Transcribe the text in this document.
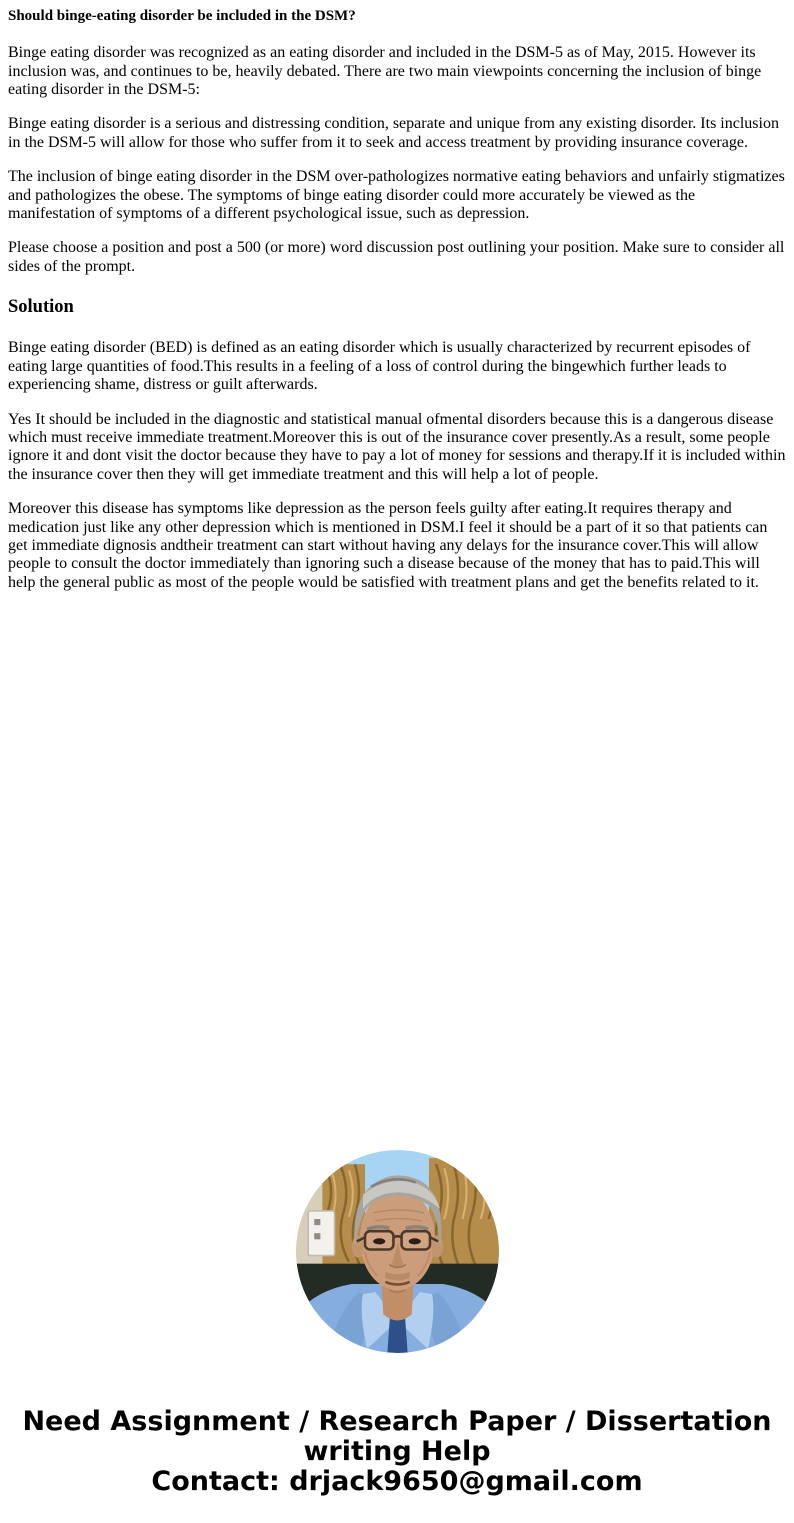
Should binge-eating disorder be included in the DSM?

Binge eating disorder was recognized as an eating disorder and included in the DSM-5 as of May, 2015. However its inclusion was, and continues to be, heavily debated. There are two main viewpoints concerning the inclusion of binge eating disorder in the DSM-5:

Binge eating disorder is a serious and distressing condition, separate and unique from any existing disorder. Its inclusion in the DSM-5 will allow for those who suffer from it to seek and access treatment by providing insurance coverage.

The inclusion of binge eating disorder in the DSM over-pathologizes normative eating behaviors and unfairly stigmatizes and pathologizes the obese. The symptoms of binge eating disorder could more accurately be viewed as the manifestation of symptoms of a different psychological issue, such as depression.

Please choose a position and post a 500 (or more) word discussion post outlining your position. Make sure to consider all sides of the prompt.

Solution

Binge eating disorder (BED) is defined as an eating disorder which is usually characterized by recurrent episodes of eating large quantities of food.This results in a feeling of a loss of control during the bingewhich further leads to experiencing shame, distress or guilt afterwards.

Yes It should be included in the diagnostic and statistical manual ofmental disorders because this is a dangerous disease which must receive immediate treatment.Moreover this is out of the insurance cover presently.As a result, some people ignore it and dont visit the doctor because they have to pay a lot of money for sessions and therapy.If it is included within the insurance cover then they will get immediate treatment and this will help a lot of people.

Moreover this disease has symptoms like depression as the person feels guilty after eating.It requires therapy and medication just like any other depression which is mentioned in DSM.I feel it should be a part of it so that patients can get immediate dignosis andtheir treatment can start without having any delays for the insurance cover.This will allow people to consult the doctor immediately than ignoring such a disease because of the money that has to paid.This will help the general public as most of the people would be satisfied with treatment plans and get the benefits related to it.

Need Assignment / Research Paper / Dissertation writing Help
Contact: drjack9650@gmail.com
